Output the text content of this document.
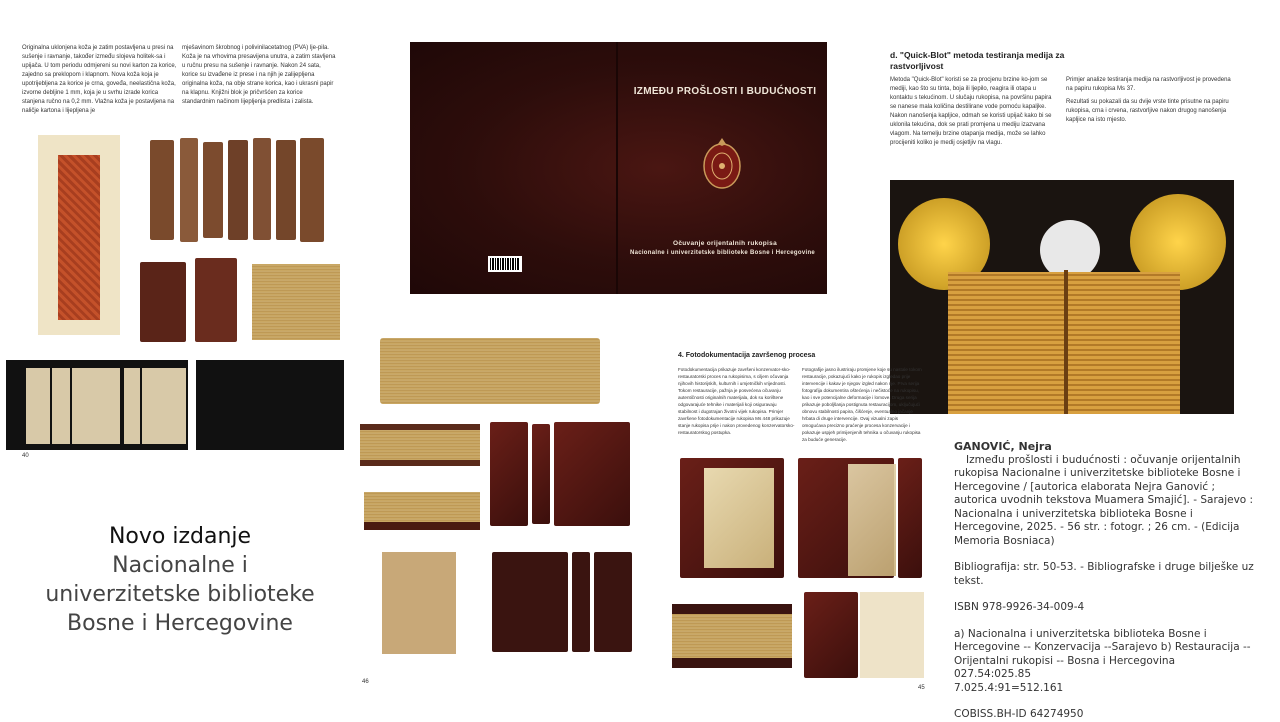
Originalna uklonjena koža je zatim postavljena u presi na sušenje i ravnanje, također između slojeva holitek-sa i upijača. U tom periodu odmjereni su novi karton za korice, zajedno sa preklopom i klapnom. Nova koža koja je upotrijebljena za korice je crna, goveđa, neelastična koža, izvorne debljine 1 mm, koja je u svrhu izrade korica stanjena ručno na 0,2 mm. Vlažna koža je postavljena na naličje kartona i lijepljena je
mješavinom škrobnog i polivinilacetatnog (PVA) lje-pila. Koža je na vrhovima presavijena unutra, a zatim stavljena u ručnu presu na sušenje i ravnanje. Nakon 24 sata, korice su izvađene iz prese i na njih je zalijepljena originalna koža, na obje strane korica, kao i ukrasni papir na klapnu. Knjižni blok je pričvršćen za korice standardnim načinom lijepljenja predlista i zalista.
40
IZMEĐU PROŠLOSTI I BUDUĆNOSTI
Očuvanje orijentalnih rukopisa
Nacionalne i univerzitetske biblioteke Bosne i Hercegovine
d. "Quick-Blot" metoda testiranja medija za rastvorljivost
Metoda "Quick-Blot" koristi se za procjenu brzine ko-jom se mediji, kao što su tinta, boja ili ljepilo, reagira ili otapa u kontaktu s tekućinom. U slučaju rukopisa, na površinu papira se nanese mala količina destilirane vode pomoću kapaljke. Nakon nanošenja kapljice, odmah se koristi upijač kako bi se uklonila tekućina, dok se prati promjena u mediju izazvana vlagom. Na temelju brzine otapanja medija, može se lahko procijeniti koliko je medij osjetljiv na vlagu.
Primjer analize testiranja medija na rastvorljivost je provedena na papiru rukopisa Ms 37.
Rezultati su pokazali da su dvije vrste tinte prisutne na papiru rukopisa, crna i crvena, rastvorljive nakon drugog nanošenja kapljice na isto mjesto.
46
4. Fotodokumentacija završenog procesa
Fotodokumentacija prikazuje završeni konzervator-sko-restauratorski proces na rukopisima, s ciljem očuvanja njihovih historijskih, kulturnih i umjetničkih vrijednosti. Tokom restauracije, pažnja je posvećena očuvanju autentičnosti originalnih materijala, dok su korištene odgovarajuće tehnike i materijali koji osiguravaju stabilnost i dugotrajan životni vijek rukopisa. Primjer završene fotodokumentacije rukopisa Ms 448 prikazuje stanje rukopisa prije i nakon provedenog konzervatorsko-restauratorskog postupka.
Fotografije jasno ilustriraju promjene koje su nastale tokom restauracije, pokazujući kako je rukopis izgledao prije intervencije i kakav je njegov izgled nakon nje. Prva serija fotografija dokumentira oštećenja i nečistoće na rukopisu, kao i sve potencijalne deformacije i lomove. Druga serija prikazuje poboljšanja postignuta restauracijom, uključujući obnovu stabilnosti papira, čišćenje, eventualno jačanje hrbata di druge intervencije. Ovaj vizualni zapis omogućava precizno praćenje procesa konzervacije i pokazuje uspjeh primijenjenih tehnika u očuvanju rukopisa za buduće generacije.
45
Novo izdanje
Nacionalne i
univerzitetske biblioteke
Bosne i Hercegovine
GANOVIĆ, Nejra
Između prošlosti i budućnosti : očuvanje orijentalnih rukopisa Nacionalne i univerzitetske biblioteke Bosne i Hercegovine / [autorica elaborata Nejra Ganović ; autorica uvodnih tekstova Muamera Smajić]. - Sarajevo : Nacionalna i univerzitetska biblioteka Bosne i Hercegovine, 2025. - 56 str. : fotogr. ; 26 cm. - (Edicija Memoria Bosniaca)
Bibliografija: str. 50-53. - Bibliografske i druge bilješke uz tekst.
ISBN 978-9926-34-009-4
a) Nacionalna i univerzitetska biblioteka Bosne i Hercegovine -- Konzervacija --Sarajevo b) Restauracija -- Orijentalni rukopisi -- Bosna i Hercegovina
027.54:025.85
7.025.4:91=512.161
COBISS.BH-ID 64274950
